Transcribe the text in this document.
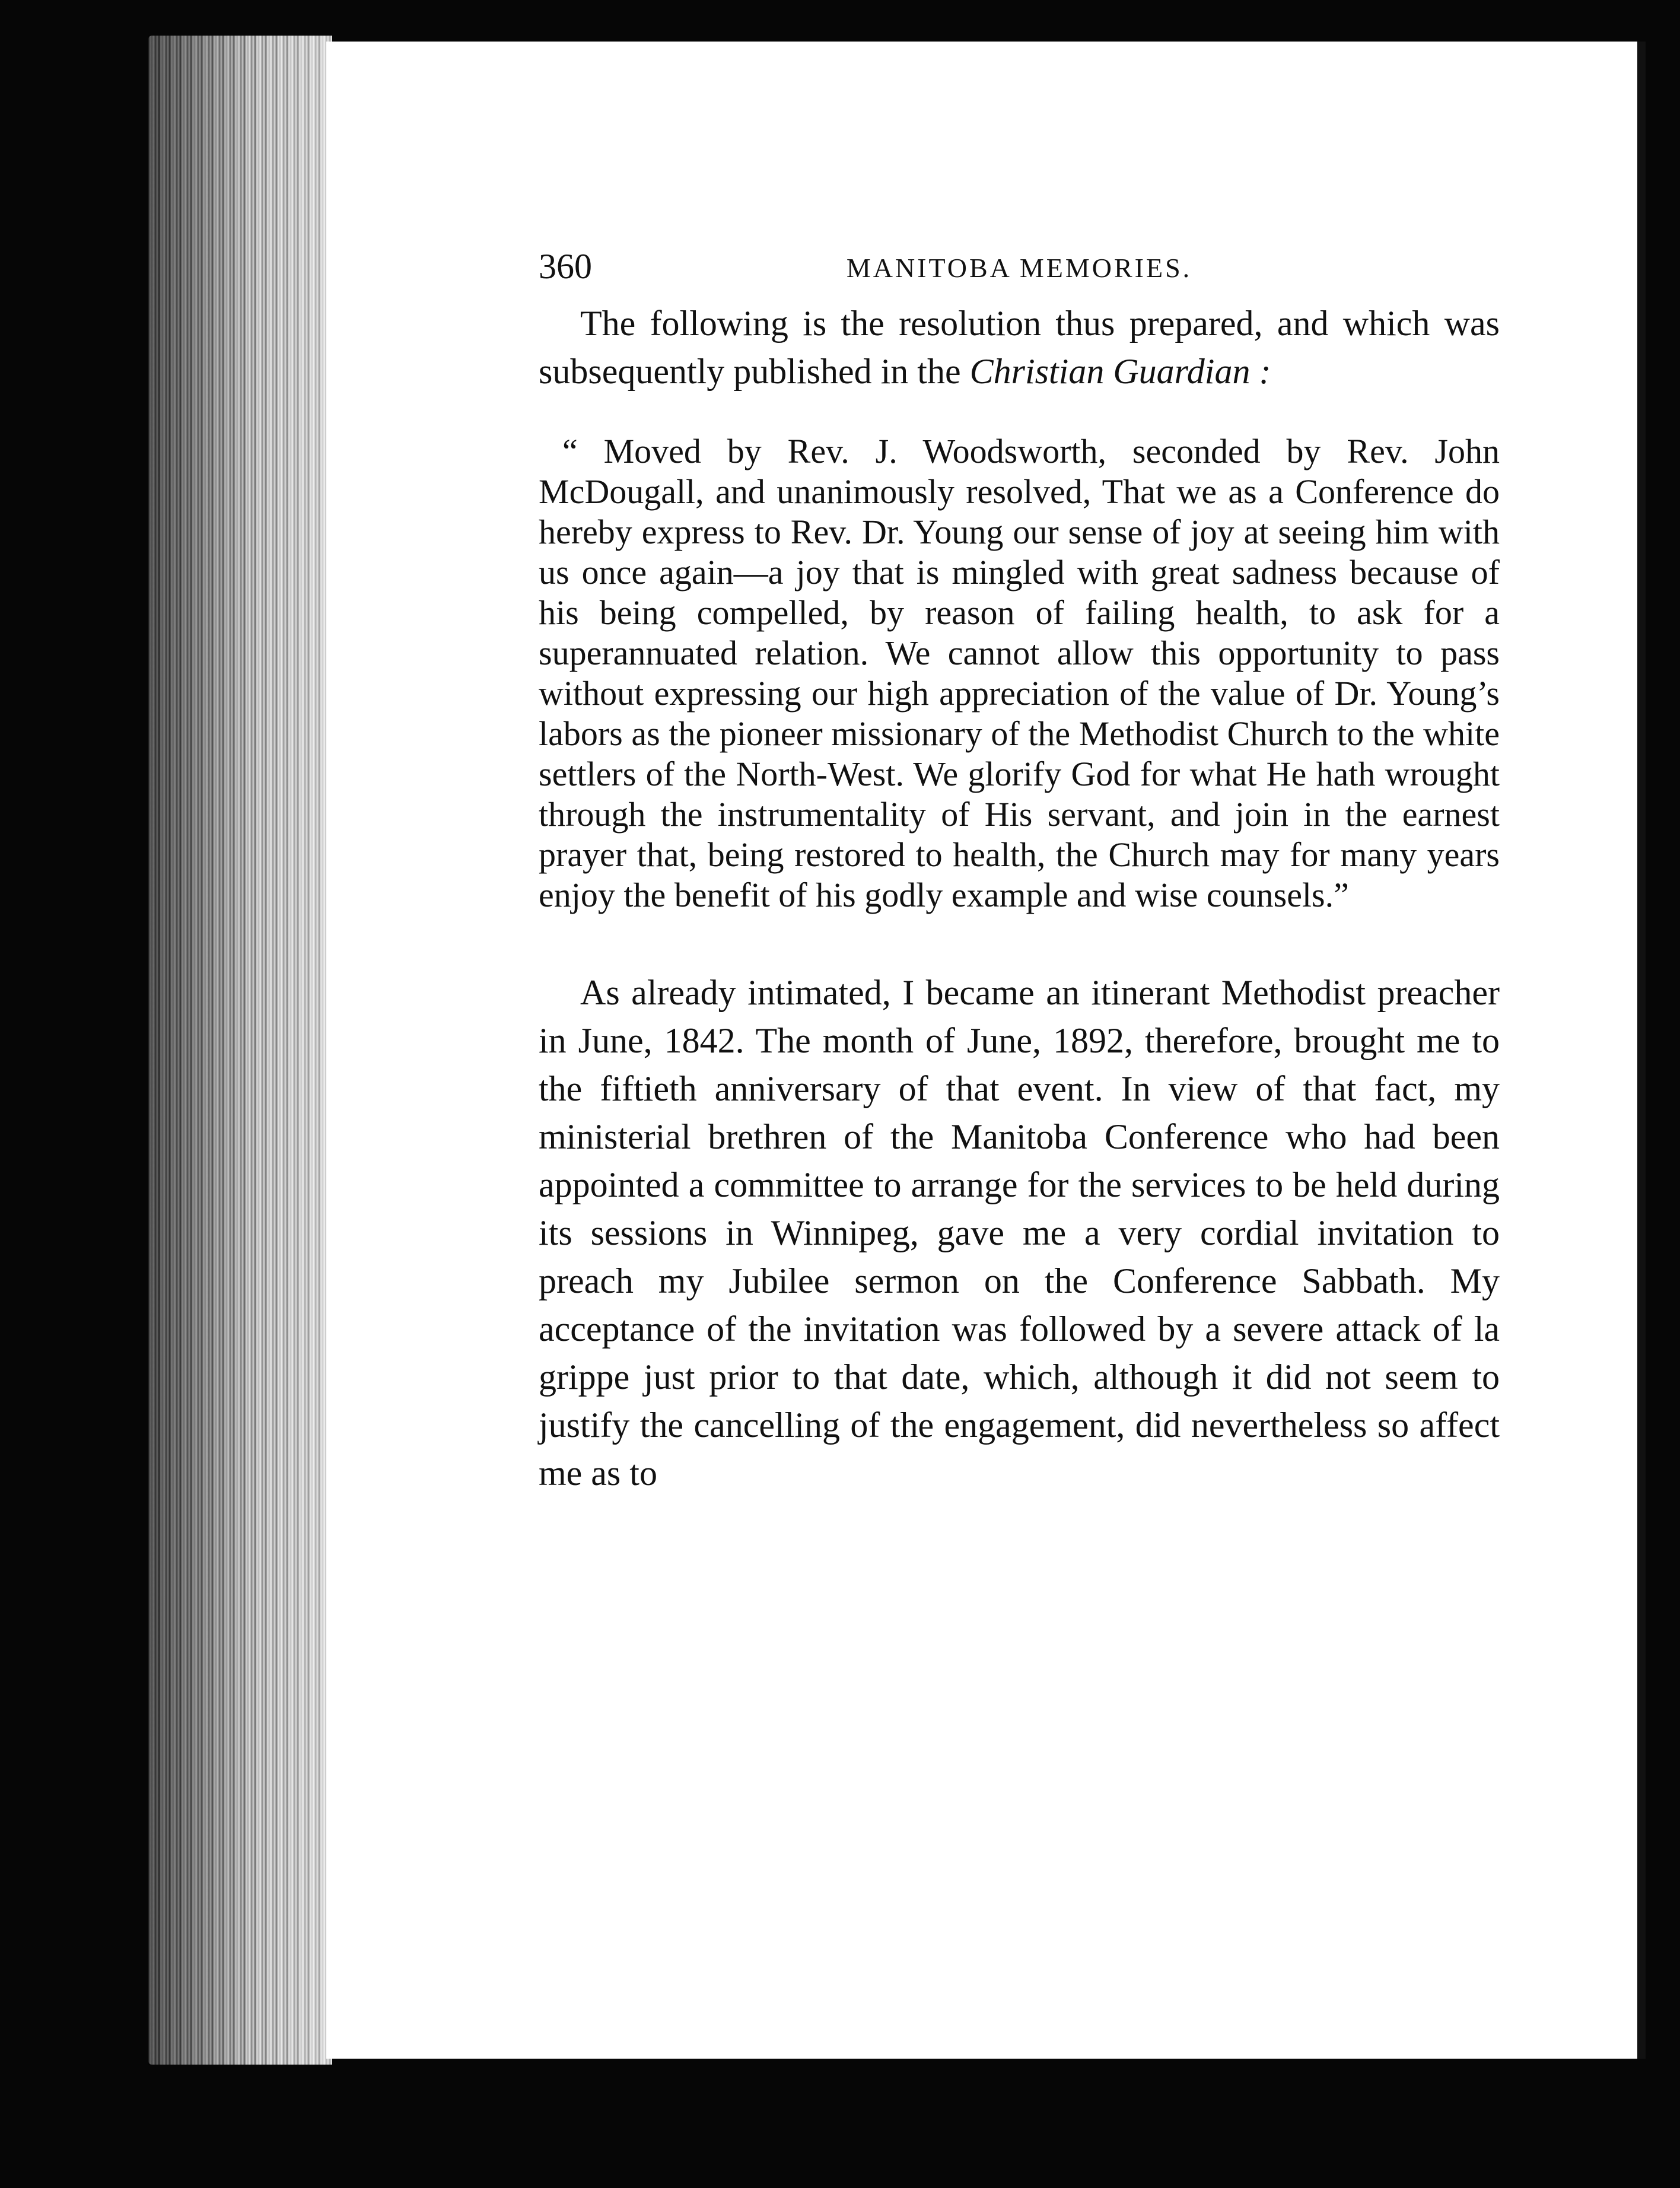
360	MANITOBA MEMORIES.

The following is the resolution thus prepared, and which was subsequently published in the Christian Guardian :

“ Moved by Rev. J. Woodsworth, seconded by Rev. John McDougall, and unanimously resolved, That we as a Conference do hereby express to Rev. Dr. Young our sense of joy at seeing him with us once again—a joy that is mingled with great sadness because of his being compelled, by reason of failing health, to ask for a superannuated relation. We cannot allow this opportunity to pass without expressing our high appreciation of the value of Dr. Young’s labors as the pioneer missionary of the Methodist Church to the white settlers of the North-West. We glorify God for what He hath wrought through the instrumentality of His servant, and join in the earnest prayer that, being restored to health, the Church may for many years enjoy the benefit of his godly example and wise counsels.”

As already intimated, I became an itinerant Methodist preacher in June, 1842. The month of June, 1892, therefore, brought me to the fiftieth anniversary of that event. In view of that fact, my ministerial brethren of the Manitoba Conference who had been appointed a committee to arrange for the services to be held during its sessions in Winnipeg, gave me a very cordial invitation to preach my Jubilee sermon on the Conference Sabbath. My acceptance of the invitation was followed by a severe attack of la grippe just prior to that date, which, although it did not seem to justify the cancelling of the engagement, did nevertheless so affect me as to
